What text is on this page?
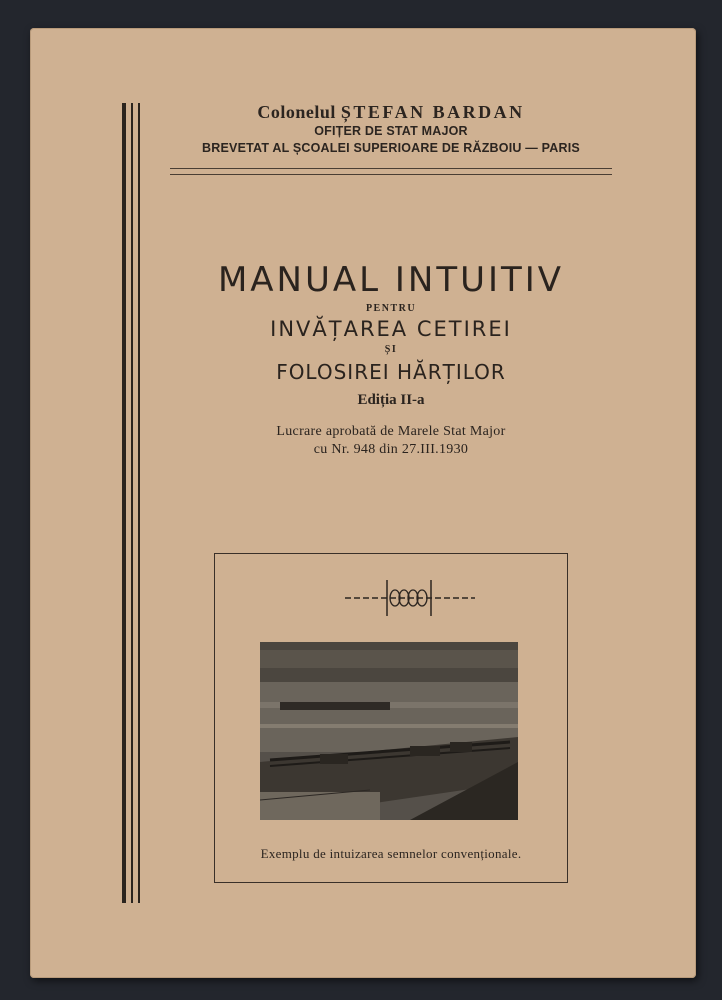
Colonelul ȘTEFAN BARDAN
OFIȚER DE STAT MAJOR
BREVETAT AL ȘCOALEI SUPERIOARE DE RĂZBOIU — PARIS
MANUAL INTUITIV
PENTRU
INVĂȚAREA CETIREI
ȘI
FOLOSIREI HĂRȚILOR
Ediția II-a
Lucrare aprobată de Marele Stat Major
cu Nr. 948 din 27.III.1930
Exemplu de intuizarea semnelor convenționale.
